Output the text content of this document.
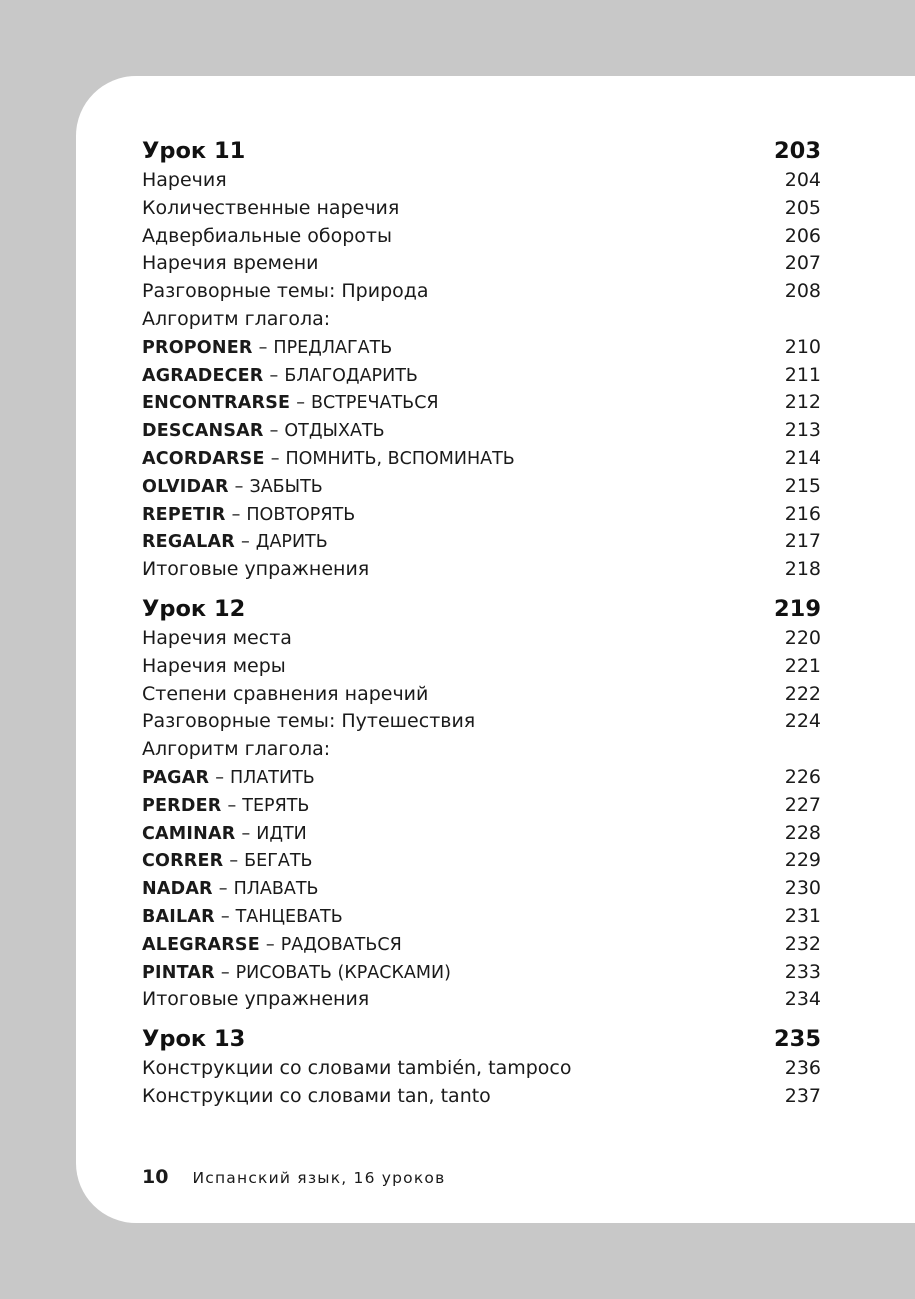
Урок 11	203
Наречия	204
Количественные наречия	205
Адвербиальные обороты	206
Наречия времени	207
Разговорные темы: Природа	208
Алгоритм глагола:
PROPONER – ПРЕДЛАГАТЬ	210
AGRADECER – БЛАГОДАРИТЬ	211
ENCONTRARSE – ВСТРЕЧАТЬСЯ	212
DESCANSAR – ОТДЫХАТЬ	213
ACORDARSE – ПОМНИТЬ, ВСПОМИНАТЬ	214
OLVIDAR – ЗАБЫТЬ	215
REPETIR – ПОВТОРЯТЬ	216
REGALAR – ДАРИТЬ	217
Итоговые упражнения	218
Урок 12	219
Наречия места	220
Наречия меры	221
Степени сравнения наречий	222
Разговорные темы: Путешествия	224
Алгоритм глагола:
PAGAR – ПЛАТИТЬ	226
PERDER – ТЕРЯТЬ	227
CAMINAR – ИДТИ	228
CORRER – БЕГАТЬ	229
NADAR – ПЛАВАТЬ	230
BAILAR – ТАНЦЕВАТЬ	231
ALEGRARSE – РАДОВАТЬСЯ	232
PINTAR – РИСОВАТЬ (КРАСКАМИ)	233
Итоговые упражнения	234
Урок 13	235
Конструкции со словами también, tampoco	236
Конструкции со словами tan, tanto	237
10 Испанский язык, 16 уроков
